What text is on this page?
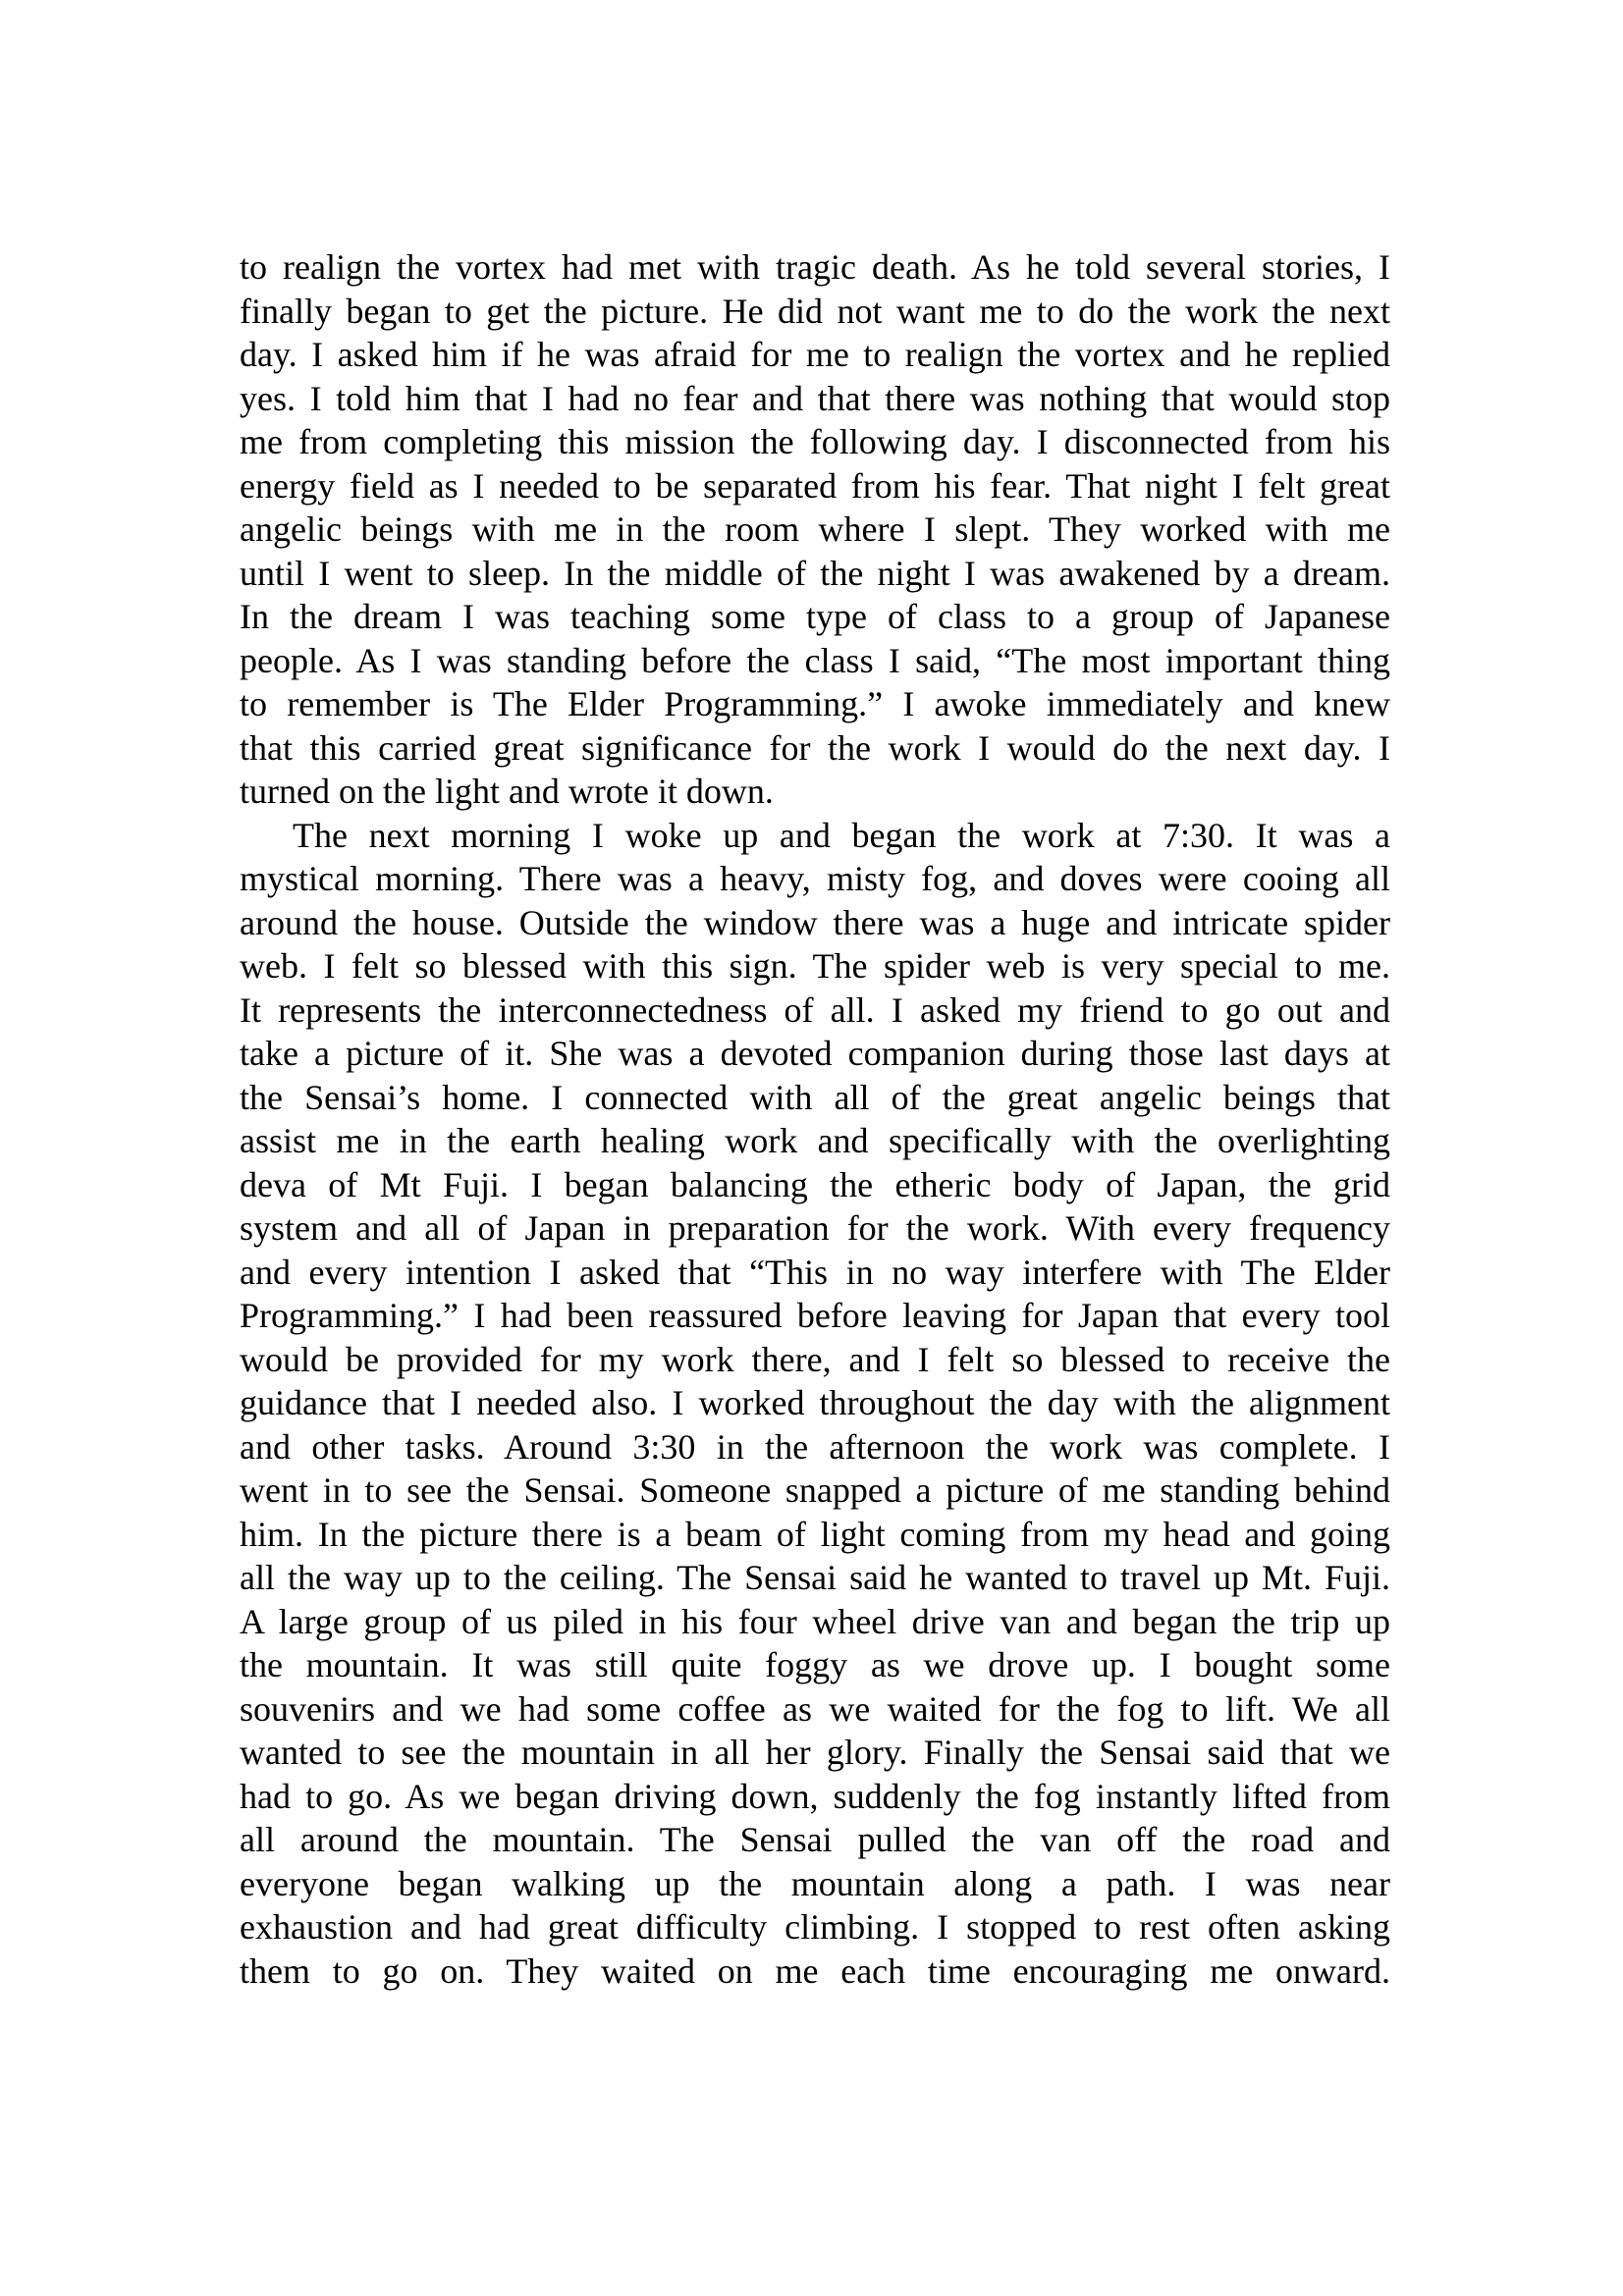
to realign the vortex had met with tragic death. As he told several stories, I
finally began to get the picture. He did not want me to do the work the next
day. I asked him if he was afraid for me to realign the vortex and he replied
yes. I told him that I had no fear and that there was nothing that would stop
me from completing this mission the following day. I disconnected from his
energy field as I needed to be separated from his fear. That night I felt great
angelic beings with me in the room where I slept. They worked with me
until I went to sleep. In the middle of the night I was awakened by a dream.
In the dream I was teaching some type of class to a group of Japanese
people. As I was standing before the class I said, “The most important thing
to remember is The Elder Programming.” I awoke immediately and knew
that this carried great significance for the work I would do the next day. I
turned on the light and wrote it down.
The next morning I woke up and began the work at 7:30. It was a
mystical morning. There was a heavy, misty fog, and doves were cooing all
around the house. Outside the window there was a huge and intricate spider
web. I felt so blessed with this sign. The spider web is very special to me.
It represents the interconnectedness of all. I asked my friend to go out and
take a picture of it. She was a devoted companion during those last days at
the Sensai’s home. I connected with all of the great angelic beings that
assist me in the earth healing work and specifically with the overlighting
deva of Mt Fuji. I began balancing the etheric body of Japan, the grid
system and all of Japan in preparation for the work. With every frequency
and every intention I asked that “This in no way interfere with The Elder
Programming.” I had been reassured before leaving for Japan that every tool
would be provided for my work there, and I felt so blessed to receive the
guidance that I needed also. I worked throughout the day with the alignment
and other tasks. Around 3:30 in the afternoon the work was complete. I
went in to see the Sensai. Someone snapped a picture of me standing behind
him. In the picture there is a beam of light coming from my head and going
all the way up to the ceiling. The Sensai said he wanted to travel up Mt. Fuji.
A large group of us piled in his four wheel drive van and began the trip up
the mountain. It was still quite foggy as we drove up. I bought some
souvenirs and we had some coffee as we waited for the fog to lift. We all
wanted to see the mountain in all her glory. Finally the Sensai said that we
had to go. As we began driving down, suddenly the fog instantly lifted from
all around the mountain. The Sensai pulled the van off the road and
everyone began walking up the mountain along a path. I was near
exhaustion and had great difficulty climbing. I stopped to rest often asking
them to go on. They waited on me each time encouraging me onward.
